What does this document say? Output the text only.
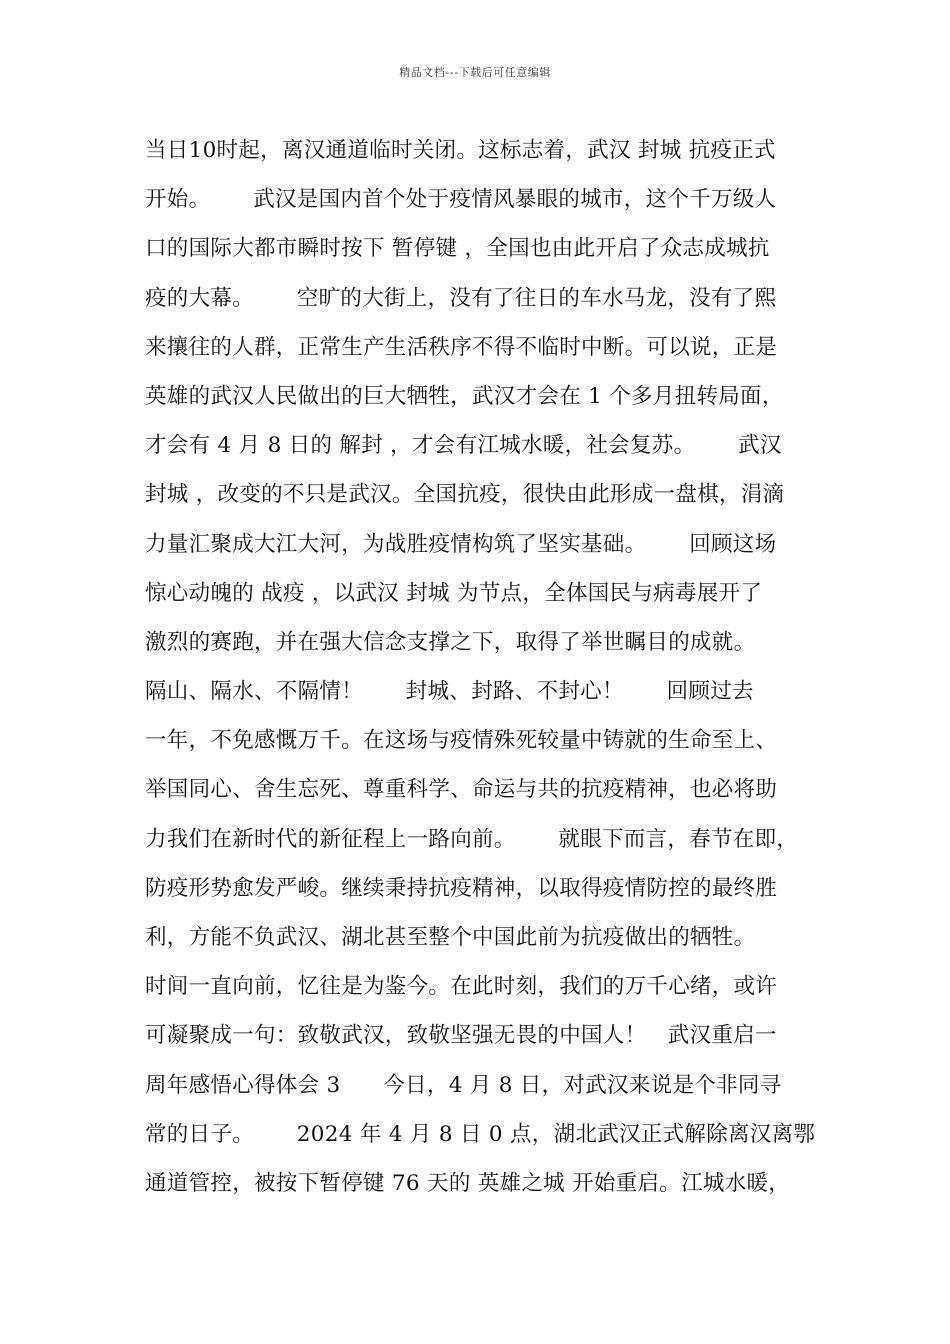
精品文档---下载后可任意编辑
当日10时起，离汉通道临时关闭。这标志着，武汉 封城 抗疫正式
开始。      武汉是国内首个处于疫情风暴眼的城市，这个千万级人
口的国际大都市瞬时按下 暂停键 ，全国也由此开启了众志成城抗
疫的大幕。      空旷的大街上，没有了往日的车水马龙，没有了熙
来攘往的人群，正常生产生活秩序不得不临时中断。可以说，正是
英雄的武汉人民做出的巨大牺牲，武汉才会在 1 个多月扭转局面，
才会有 4 月 8 日的 解封 ，才会有江城水暖，社会复苏。      武汉
封城 ，改变的不只是武汉。全国抗疫，很快由此形成一盘棋，涓滴
力量汇聚成大江大河，为战胜疫情构筑了坚实基础。      回顾这场
惊心动魄的 战疫 ，以武汉 封城 为节点，全体国民与病毒展开了
激烈的赛跑，并在强大信念支撑之下，取得了举世瞩目的成就。
隔山、隔水、不隔情！      封城、封路、不封心！      回顾过去
一年，不免感慨万千。在这场与疫情殊死较量中铸就的生命至上、
举国同心、舍生忘死、尊重科学、命运与共的抗疫精神，也必将助
力我们在新时代的新征程上一路向前。      就眼下而言，春节在即，
防疫形势愈发严峻。继续秉持抗疫精神，以取得疫情防控的最终胜
利，方能不负武汉、湖北甚至整个中国此前为抗疫做出的牺牲。
时间一直向前，忆往是为鉴今。在此时刻，我们的万千心绪，或许
可凝聚成一句：致敬武汉，致敬坚强无畏的中国人！   武汉重启一
周年感悟心得体会 3      今日，4 月 8 日，对武汉来说是个非同寻
常的日子。      2024 年 4 月 8 日 0 点，湖北武汉正式解除离汉离鄂
通道管控，被按下暂停键 76 天的 英雄之城 开始重启。江城水暖，
